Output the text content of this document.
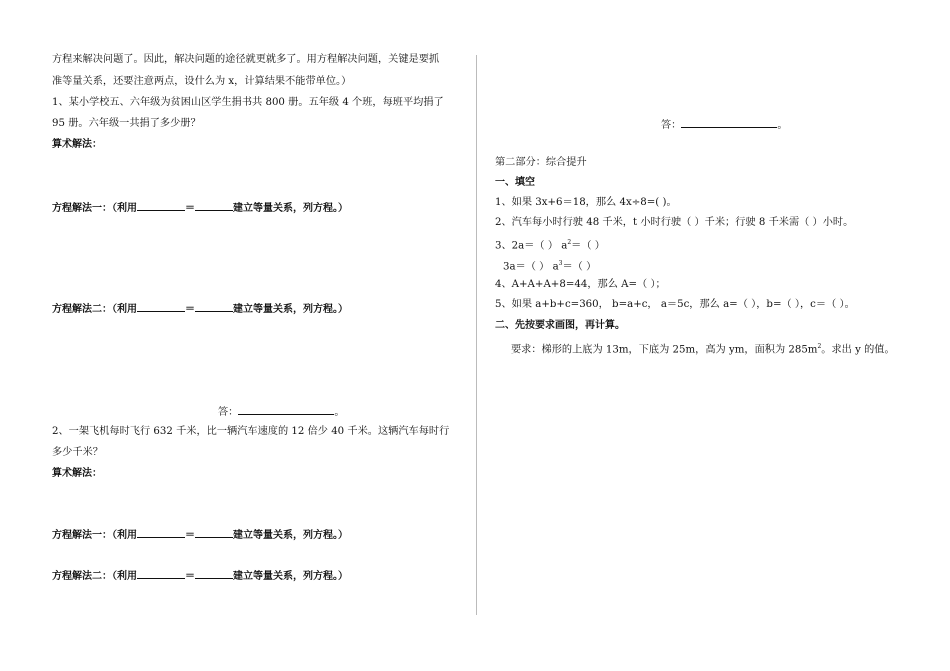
方程来解决问题了。因此，解决问题的途径就更就多了。用方程解决问题，关键是要抓
准等量关系，还要注意两点，设什么为 x，计算结果不能带单位。）
1、某小学校五、六年级为贫困山区学生捐书共 800 册。五年级 4 个班，每班平均捐了
95 册。六年级一共捐了多少册？
算术解法：
方程解法一：（利用	＝	建立等量关系，列方程。）
方程解法二：（利用	＝	建立等量关系，列方程。）
答：	。
2、一架飞机每时飞行 632 千米，比一辆汽车速度的 12 倍少 40 千米。这辆汽车每时行
多少千米？
算术解法：
方程解法一：（利用	＝	建立等量关系，列方程。）
方程解法二：（利用	＝	建立等量关系，列方程。）
答：	。
第二部分：综合提升
一、填空
1、如果 3x+6＝18，那么 4x÷8=( )。
2、汽车每小时行驶 48 千米，t 小时行驶（ ）千米；行驶 8 千米需（ ）小时。
3、2a＝（ ） $a^2=$（ ）
3a＝（ ） $a^3=$（ ）
4、A+A+A+8=44，那么 A=（ ）；
5、如果 a+b+c=360， b=a+c， a＝5c，那么 a=（ ），b=（ ），c＝（ ）。
二、先按要求画图，再计算。
要求：梯形的上底为 13m，下底为 25m，高为 ym，面积为 $285m^2$。求出 y 的值。
